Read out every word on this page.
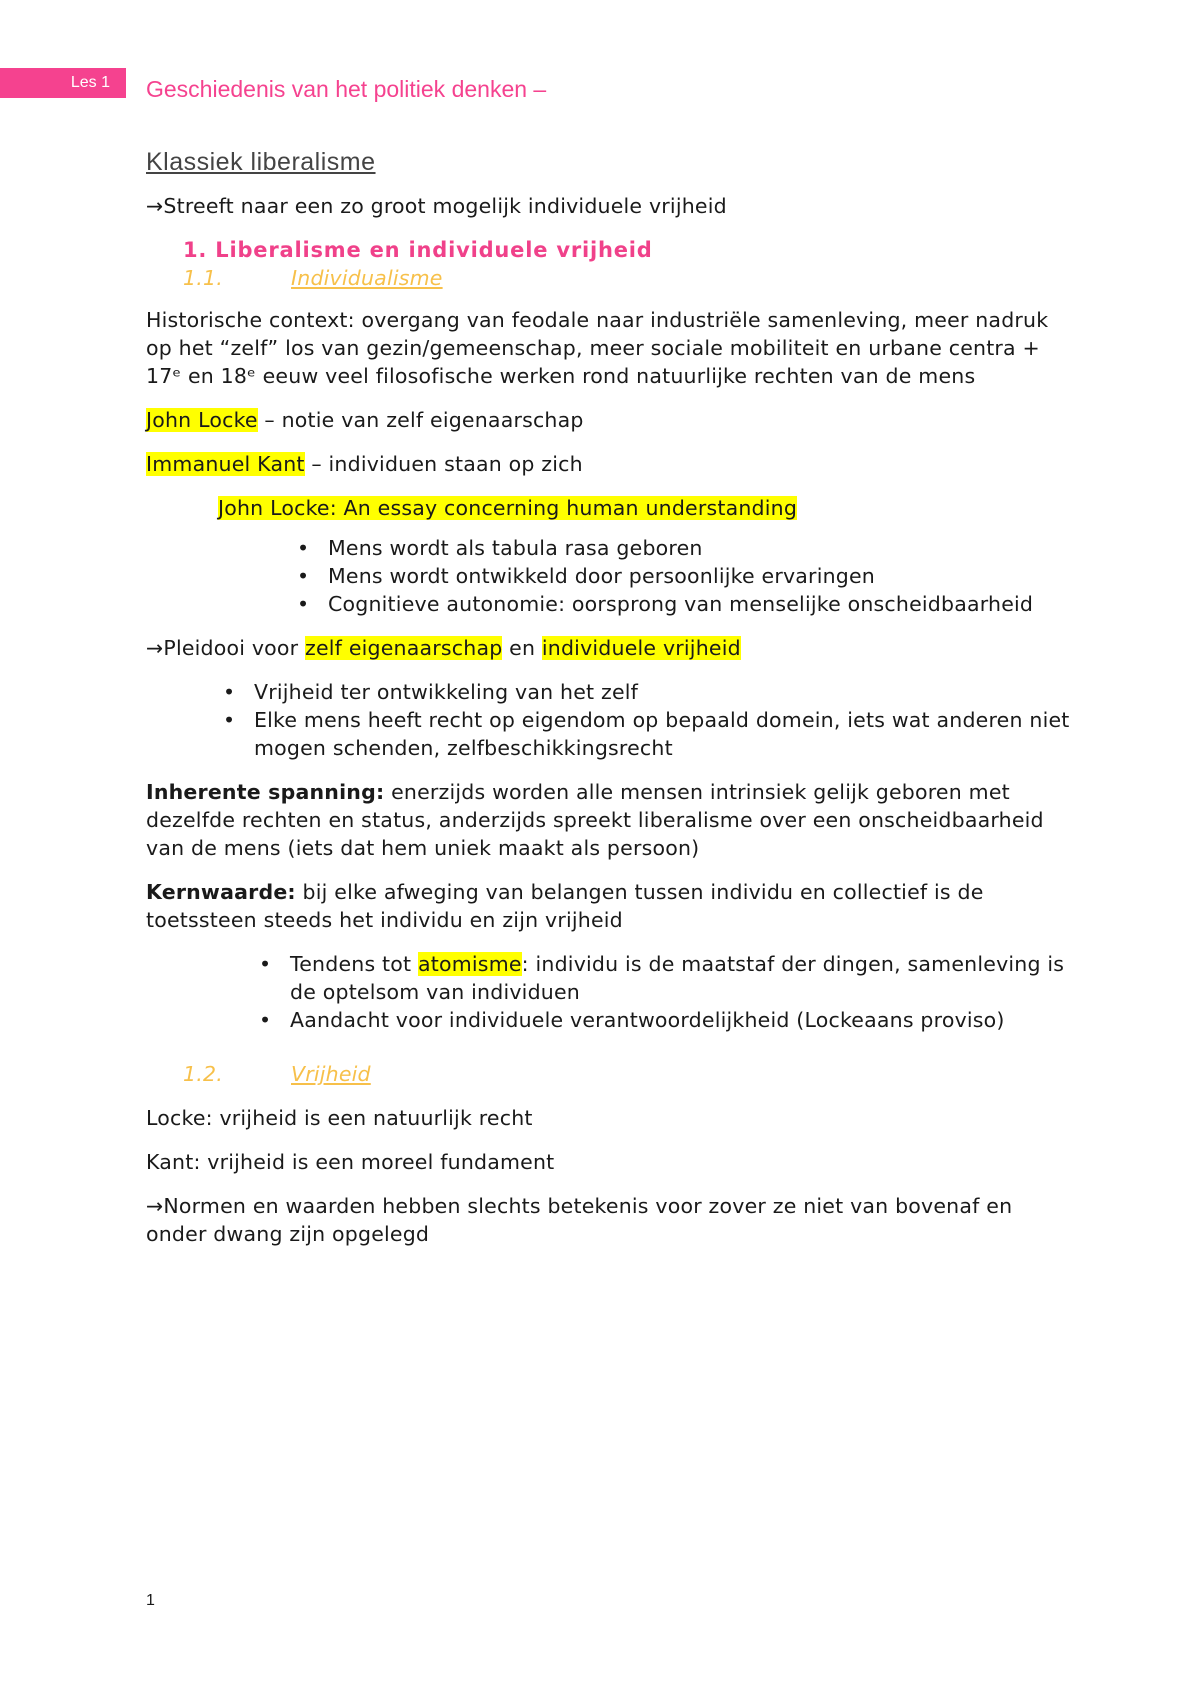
Les 1	Geschiedenis van het politiek denken –
Klassiek liberalisme

→Streeft naar een zo groot mogelijk individuele vrijheid

1. Liberalisme en individuele vrijheid
1.1.	Individualisme

Historische context: overgang van feodale naar industriële samenleving, meer nadruk op het “zelf” los van gezin/gemeenschap, meer sociale mobiliteit en urbane centra + 17ᵉ en 18ᵉ eeuw veel filosofische werken rond natuurlijke rechten van de mens

John Locke – notie van zelf eigenaarschap

Immanuel Kant – individuen staan op zich

John Locke: An essay concerning human understanding
• Mens wordt als tabula rasa geboren
• Mens wordt ontwikkeld door persoonlijke ervaringen
• Cognitieve autonomie: oorsprong van menselijke onscheidbaarheid

→Pleidooi voor zelf eigenaarschap en individuele vrijheid

• Vrijheid ter ontwikkeling van het zelf
• Elke mens heeft recht op eigendom op bepaald domein, iets wat anderen niet mogen schenden, zelfbeschikkingsrecht

Inherente spanning: enerzijds worden alle mensen intrinsiek gelijk geboren met dezelfde rechten en status, anderzijds spreekt liberalisme over een onscheidbaarheid van de mens (iets dat hem uniek maakt als persoon)

Kernwaarde: bij elke afweging van belangen tussen individu en collectief is de toetssteen steeds het individu en zijn vrijheid

• Tendens tot atomisme: individu is de maatstaf der dingen, samenleving is de optelsom van individuen
• Aandacht voor individuele verantwoordelijkheid (Lockeaans proviso)
1.2.	Vrijheid

Locke: vrijheid is een natuurlijk recht

Kant: vrijheid is een moreel fundament

→Normen en waarden hebben slechts betekenis voor zover ze niet van bovenaf en onder dwang zijn opgelegd

1
